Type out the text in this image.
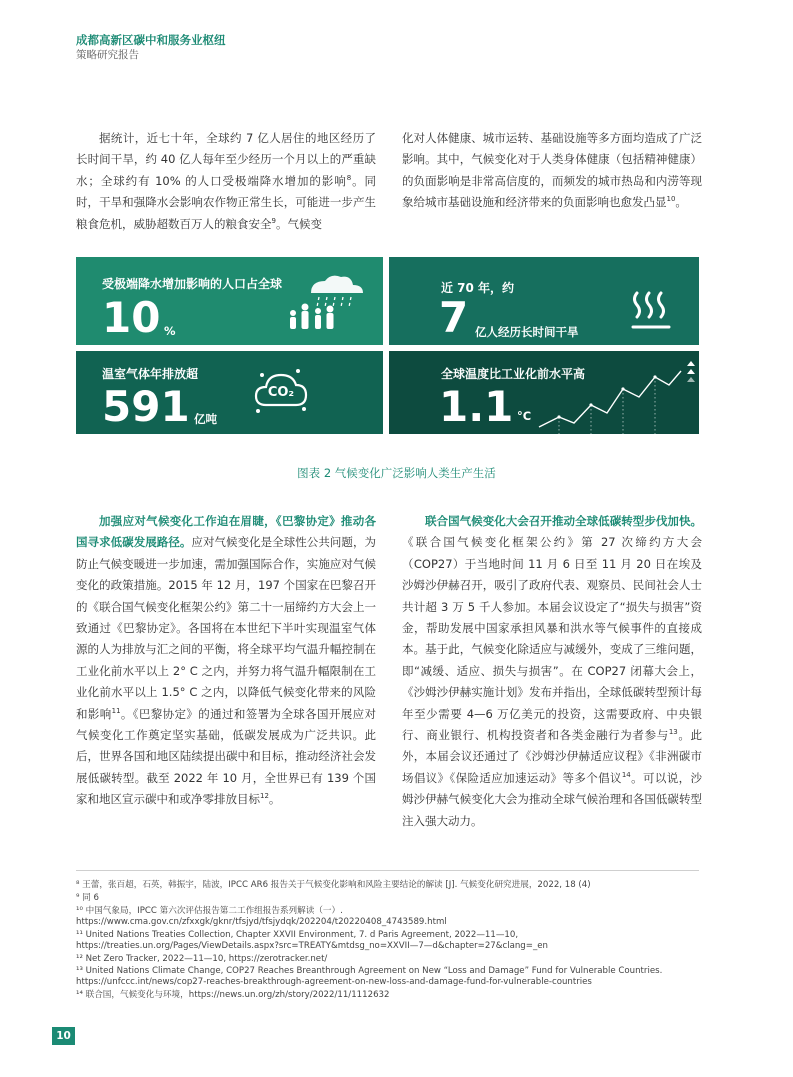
成都高新区碳中和服务业枢纽
策略研究报告

据统计，近七十年，全球约 7 亿人居住的地区经历了长时间干旱，约 40 亿人每年至少经历一个月以上的严重缺水；全球约有 10% 的人口受极端降水增加的影响$^8$。同时，干旱和强降水会影响农作物正常生长，可能进一步产生粮食危机，威胁超数百万人的粮食安全$^9$。气候变

化对人体健康、城市运转、基础设施等多方面均造成了广泛影响。其中，气候变化对于人类身体健康（包括精神健康）的负面影响是非常高信度的，而频发的城市热岛和内涝等现象给城市基础设施和经济带来的负面影响也愈发凸显$^{10}$。
受极端降水增加影响的人口占全球
10 %
近 70 年，约
7 亿人经历长时间干旱
温室气体年排放超
591 亿吨
CO₂
全球温度比工业化前水平高
1.1 °C
图表 2 气候变化广泛影响人类生产生活

加强应对气候变化工作迫在眉睫，《巴黎协定》推动各国寻求低碳发展路径。应对气候变化是全球性公共问题，为防止气候变暖进一步加速，需加强国际合作，实施应对气候变化的政策措施。2015 年 12 月，197 个国家在巴黎召开的《联合国气候变化框架公约》第二十一届缔约方大会上一致通过《巴黎协定》。各国将在本世纪下半叶实现温室气体源的人为排放与汇之间的平衡，将全球平均气温升幅控制在工业化前水平以上 2° C 之内，并努力将气温升幅限制在工业化前水平以上 1.5° C 之内，以降低气候变化带来的风险和影响$^{11}$。《巴黎协定》的通过和签署为全球各国开展应对气候变化工作奠定坚实基础，低碳发展成为广泛共识。此后，世界各国和地区陆续提出碳中和目标，推动经济社会发展低碳转型。截至 2022 年 10 月，全世界已有 139 个国家和地区宣示碳中和或净零排放目标$^{12}$。

联合国气候变化大会召开推动全球低碳转型步伐加快。《联合国气候变化框架公约》第 27 次缔约方大会（COP27）于当地时间 11 月 6 日至 11 月 20 日在埃及沙姆沙伊赫召开，吸引了政府代表、观察员、民间社会人士共计超 3 万 5 千人参加。本届会议设定了“损失与损害”资金，帮助发展中国家承担风暴和洪水等气候事件的直接成本。基于此，气候变化除适应与减缓外，变成了三维问题，即“减缓、适应、损失与损害”。在 COP27 闭幕大会上，《沙姆沙伊赫实施计划》发布并指出，全球低碳转型预计每年至少需要 4—6 万亿美元的投资，这需要政府、中央银行、商业银行、机构投资者和各类金融行为者参与$^{13}$。此外，本届会议还通过了《沙姆沙伊赫适应议程》《非洲碳市场倡议》《保险适应加速运动》等多个倡议$^{14}$。可以说，沙姆沙伊赫气候变化大会为推动全球气候治理和各国低碳转型注入强大动力。

⁸ 王蕾，张百超，石英，韩振宇，陆波，IPCC AR6 报告关于气候变化影响和风险主要结论的解读 [J]. 气候变化研究进展，2022, 18 (4)
⁹ 同 6
¹⁰ 中国气象局，IPCC 第六次评估报告第二工作组报告系列解读（一）. https://www.cma.gov.cn/zfxxgk/gknr/tfsjyd/tfsjydqk/202204/t20220408_4743589.html
¹¹ United Nations Treaties Collection, Chapter XXVII Environment, 7. d Paris Agreement, 2022—11—10, https://treaties.un.org/Pages/ViewDetails.aspx?src=TREATY&mtdsg_no=XXVII—7—d&chapter=27&clang=_en
¹² Net Zero Tracker, 2022—11—10, https://zerotracker.net/
¹³ United Nations Climate Change, COP27 Reaches Breanthrough Agreement on New “Loss and Damage” Fund for Vulnerable Countries. https://unfccc.int/news/cop27-reaches-breakthrough-agreement-on-new-loss-and-damage-fund-for-vulnerable-countries
¹⁴ 联合国，气候变化与环境，https://news.un.org/zh/story/2022/11/1112632
10
